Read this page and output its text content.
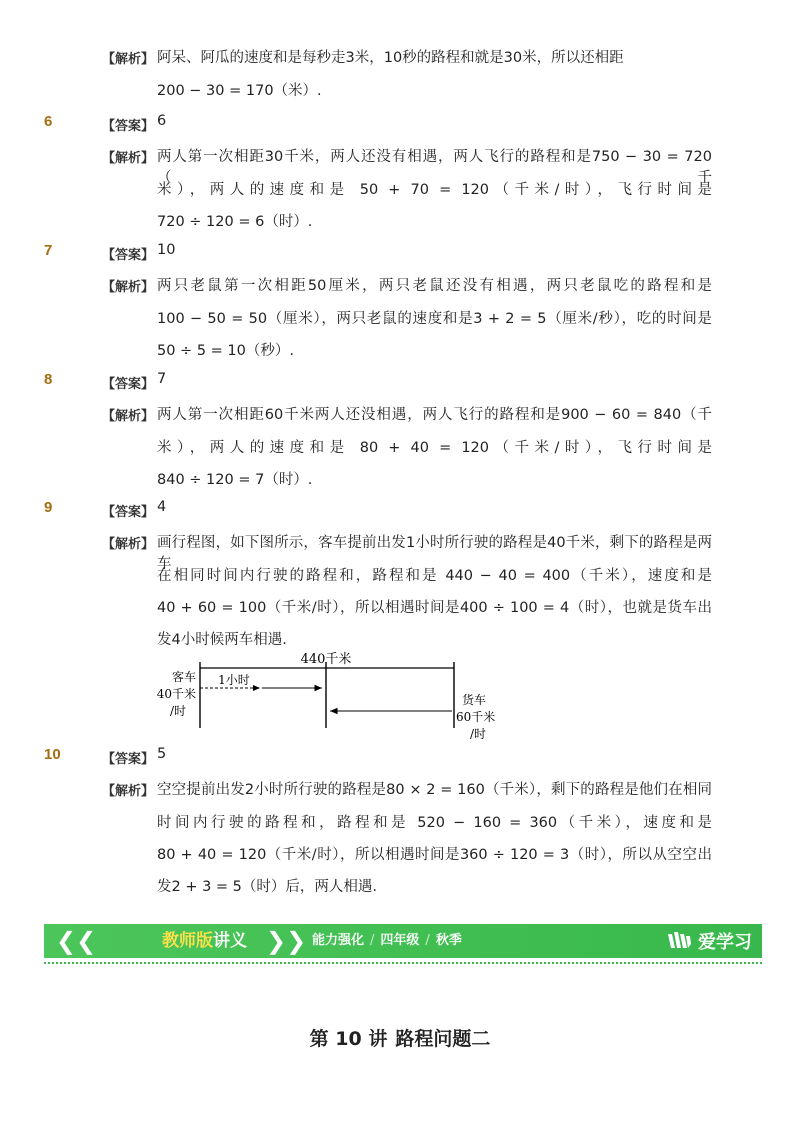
【解析】 阿呆、阿瓜的速度和是每秒走3米，10秒的路程和就是30米，所以还相距
200 − 30 = 170（米）.
6	【答案】 6
【解析】 两人第一次相距30千米，两人还没有相遇，两人飞行的路程和是750 − 30 = 720（千
米），两人的速度和是 50 + 70 = 120（千米/时），飞行时间是
720 ÷ 120 = 6（时）.
7	【答案】 10
【解析】 两只老鼠第一次相距50厘米，两只老鼠还没有相遇，两只老鼠吃的路程和是
100 − 50 = 50（厘米），两只老鼠的速度和是3 + 2 = 5（厘米/秒），吃的时间是
50 ÷ 5 = 10（秒）.
8	【答案】 7
【解析】 两人第一次相距60千米两人还没相遇，两人飞行的路程和是900 − 60 = 840（千
米），两人的速度和是 80 + 40 = 120（千米/时），飞行时间是
840 ÷ 120 = 7（时）.
9	【答案】 4
【解析】 画行程图，如下图所示，客车提前出发1小时所行驶的路程是40千米，剩下的路程是两车
在相同时间内行驶的路程和，路程和是 440 − 40 = 400（千米），速度和是
40 + 60 = 100（千米/时），所以相遇时间是400 ÷ 100 = 4（时），也就是货车出
发4小时候两车相遇.
440千米
1小时
客车
40千米
/时
货车
60千米
/时
10	【答案】 5
【解析】 空空提前出发2小时所行驶的路程是80 × 2 = 160（千米），剩下的路程是他们在相同
时间内行驶的路程和，路程和是 520 − 160 = 360（千米），速度和是
80 + 40 = 120（千米/时），所以相遇时间是360 ÷ 120 = 3（时），所以从空空出
发2 + 3 = 5（时）后，两人相遇.
❮❮	教师版讲义 ❯❯ 能力强化 / 四年级 / 秋季	爱学习
第 10 讲 路程问题二
